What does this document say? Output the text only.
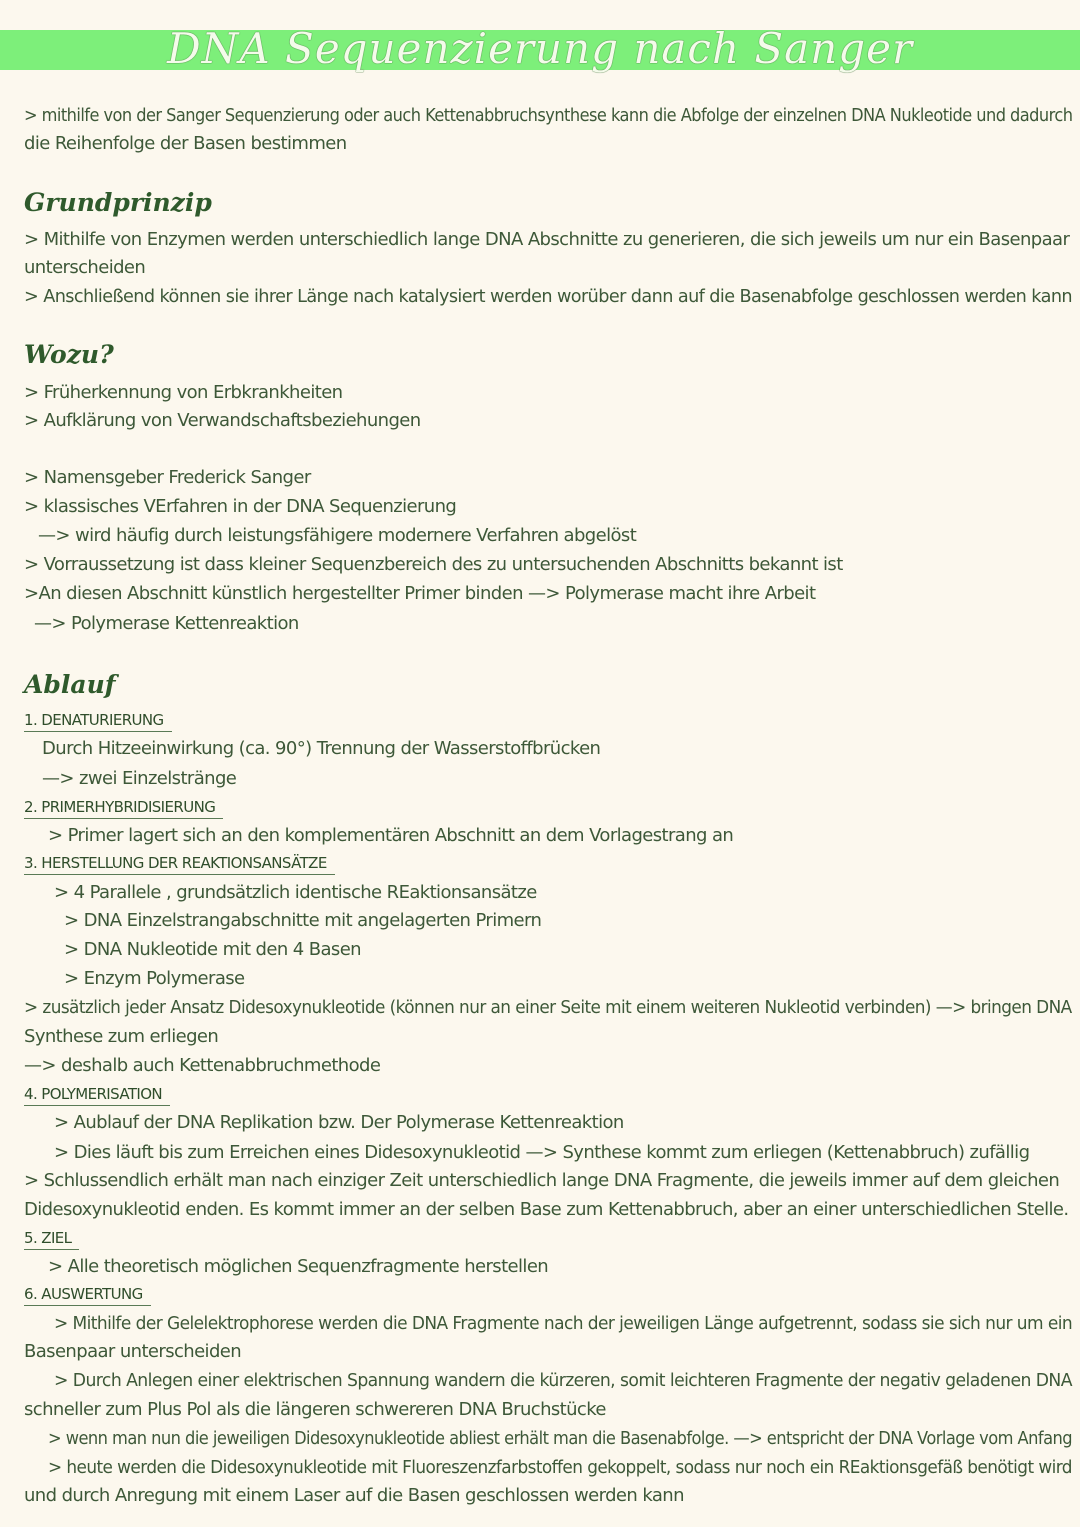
DNA Sequenzierung nach Sanger
> mithilfe von der Sanger Sequenzierung oder auch Kettenabbruchsynthese kann die Abfolge der einzelnen DNA Nukleotide und dadurch
die Reihenfolge der Basen bestimmen
Grundprinzip
> Mithilfe von Enzymen werden unterschiedlich lange DNA Abschnitte zu generieren, die sich jeweils um nur ein Basenpaar
unterscheiden
> Anschließend können sie ihrer Länge nach katalysiert werden worüber dann auf die Basenabfolge geschlossen werden kann
Wozu?
> Früherkennung von Erbkrankheiten
> Aufklärung von Verwandschaftsbeziehungen
> Namensgeber Frederick Sanger
> klassisches VErfahren in der DNA Sequenzierung
—> wird häufig durch leistungsfähigere modernere Verfahren abgelöst
> Vorraussetzung ist dass kleiner Sequenzbereich des zu untersuchenden Abschnitts bekannt ist
>An diesen Abschnitt künstlich hergestellter Primer binden —> Polymerase macht ihre Arbeit
—> Polymerase Kettenreaktion
Ablauf
1. DENATURIERUNG
Durch Hitzeeinwirkung (ca. 90°) Trennung der Wasserstoffbrücken
—> zwei Einzelstränge
2. PRIMERHYBRIDISIERUNG
> Primer lagert sich an den komplementären Abschnitt an dem Vorlagestrang an
3. HERSTELLUNG DER REAKTIONSANSÄTZE
> 4 Parallele , grundsätzlich identische REaktionsansätze
> DNA Einzelstrangabschnitte mit angelagerten Primern
> DNA Nukleotide mit den 4 Basen
> Enzym Polymerase
> zusätzlich jeder Ansatz Didesoxynukleotide (können nur an einer Seite mit einem weiteren Nukleotid verbinden) —> bringen DNA
Synthese zum erliegen
—> deshalb auch Kettenabbruchmethode
4. POLYMERISATION
> Aublauf der DNA Replikation bzw. Der Polymerase Kettenreaktion
> Dies läuft bis zum Erreichen eines Didesoxynukleotid —> Synthese kommt zum erliegen (Kettenabbruch) zufällig
> Schlussendlich erhält man nach einziger Zeit unterschiedlich lange DNA Fragmente, die jeweils immer auf dem gleichen
Didesoxynukleotid enden. Es kommt immer an der selben Base zum Kettenabbruch, aber an einer unterschiedlichen Stelle.
5. ZIEL
> Alle theoretisch möglichen Sequenzfragmente herstellen
6. AUSWERTUNG
> Mithilfe der Gelelektrophorese werden die DNA Fragmente nach der jeweiligen Länge aufgetrennt, sodass sie sich nur um ein
Basenpaar unterscheiden
> Durch Anlegen einer elektrischen Spannung wandern die kürzeren, somit leichteren Fragmente der negativ geladenen DNA
schneller zum Plus Pol als die längeren schwereren DNA Bruchstücke
> wenn man nun die jeweiligen Didesoxynukleotide abliest erhält man die Basenabfolge. —> entspricht der DNA Vorlage vom Anfang
> heute werden die Didesoxynukleotide mit Fluoreszenzfarbstoffen gekoppelt, sodass nur noch ein REaktionsgefäß benötigt wird
und durch Anregung mit einem Laser auf die Basen geschlossen werden kann
